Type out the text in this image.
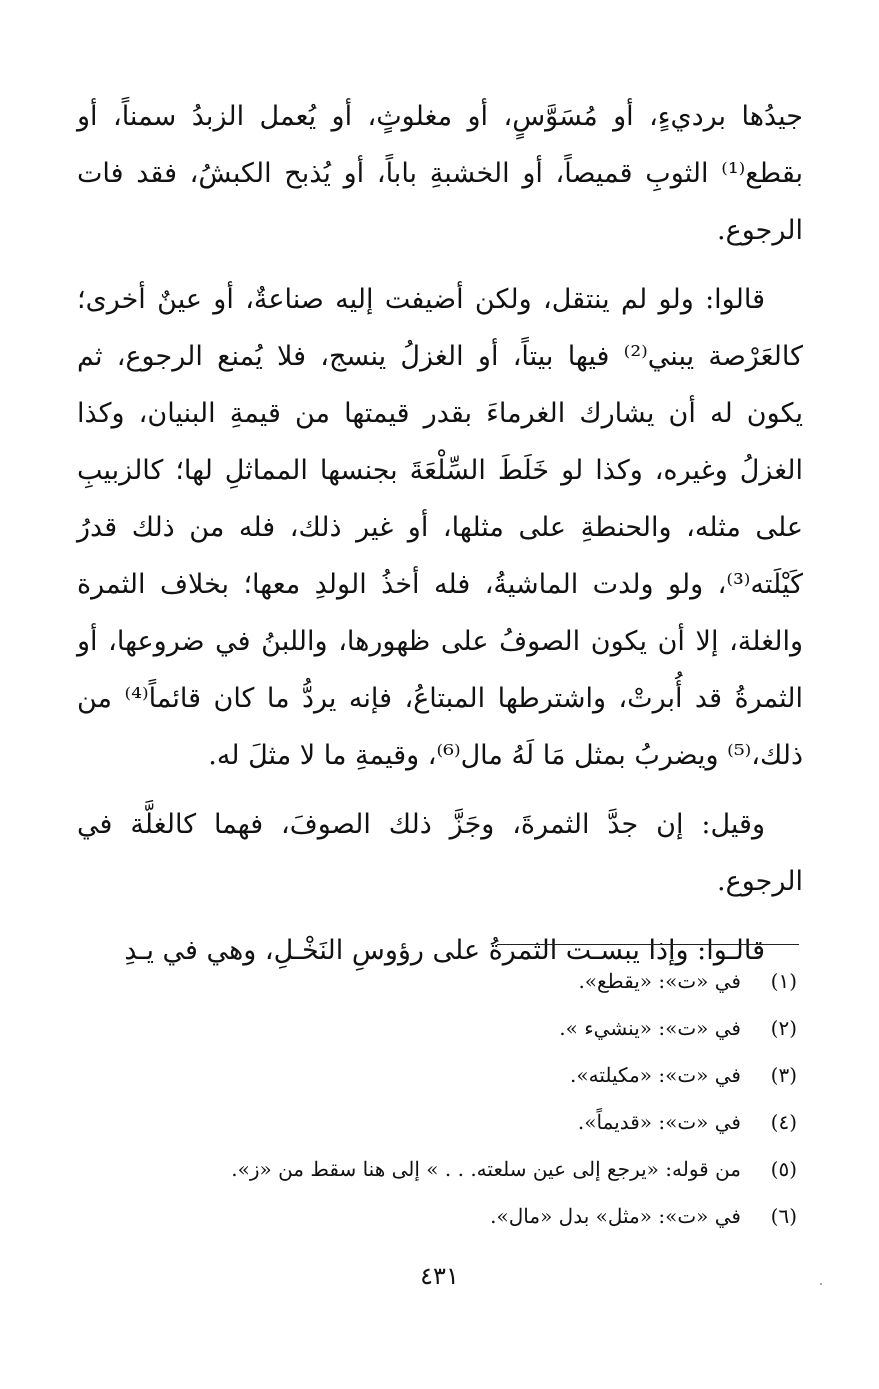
جيدُها برديءٍ، أو مُسَوَّسٍ، أو مغلوثٍ، أو يُعمل الزبدُ سمناً، أو بقطع⁽¹⁾ الثوبِ قميصاً، أو الخشبةِ باباً، أو يُذبح الكبشُ، فقد فات الرجوع.

قالوا: ولو لم ينتقل، ولكن أضيفت إليه صناعةٌ، أو عينٌ أخرى؛ كالعَرْصة يبني⁽²⁾ فيها بيتاً، أو الغزلُ ينسج، فلا يُمنع الرجوع، ثم يكون له أن يشارك الغرماءَ بقدر قيمتها من قيمةِ البنيان، وكذا الغزلُ وغيره، وكذا لو خَلَطَ السِّلْعَةَ بجنسها المماثلِ لها؛ كالزبيبِ على مثله، والحنطةِ على مثلها، أو غير ذلك، فله من ذلك قدرُ كَيْلَته⁽³⁾، ولو ولدت الماشيةُ، فله أخذُ الولدِ معها؛ بخلاف الثمرة والغلة، إلا أن يكون الصوفُ على ظهورها، واللبنُ في ضروعها، أو الثمرةُ قد أُبرتْ، واشترطها المبتاعُ، فإنه يردُّ ما كان قائماً⁽⁴⁾ من ذلك،⁽⁵⁾ ويضربُ بمثل مَا لَهُ مال⁽⁶⁾، وقيمةِ ما لا مثلَ له.

وقيل: إن جدَّ الثمرةَ، وجَزَّ ذلك الصوفَ، فهما كالغلَّة في الرجوع.

قالـوا: وإذا يبسـت الثمرةُ على رؤوسِ النَخْـلِ، وهي في يـدِ

(١)
في «ت»: «يقطع».
(٢)
في «ت»: «ينشيء ».
(٣)
في «ت»: «مكيلته».
(٤)
في «ت»: «قديماً».
(٥)
من قوله: «يرجع إلى عين سلعته. . . » إلى هنا سقط من «ز».
(٦)
في «ت»: «مثل» بدل «مال».
٤٣١
